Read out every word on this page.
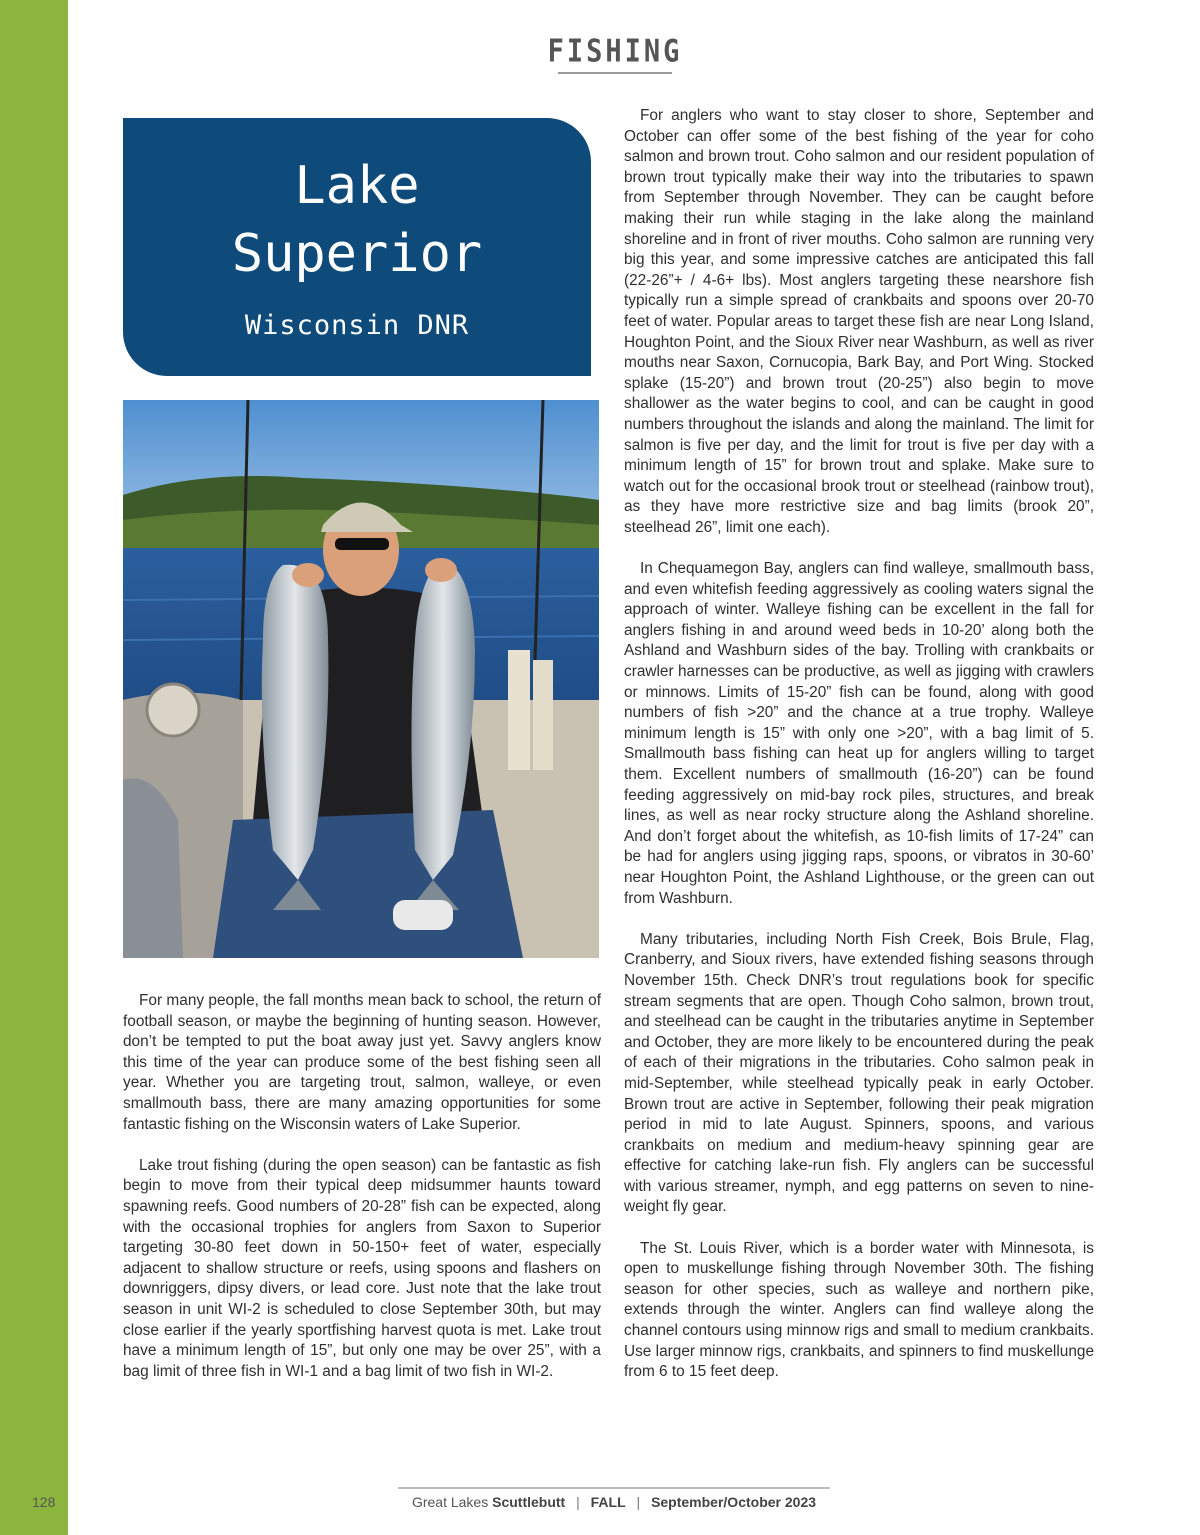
FISHING
Lake
Superior
Wisconsin DNR

For many people, the fall months mean back to school, the return of football season, or maybe the beginning of hunting season. However, don’t be tempted to put the boat away just yet. Savvy anglers know this time of the year can produce some of the best fishing seen all year. Whether you are targeting trout, salmon, walleye, or even smallmouth bass, there are many amazing opportunities for some fantastic fishing on the Wisconsin waters of Lake Superior.

Lake trout fishing (during the open season) can be fantastic as fish begin to move from their typical deep midsummer haunts toward spawning reefs. Good numbers of 20-28” fish can be expected, along with the occasional trophies for anglers from Saxon to Superior targeting 30-80 feet down in 50-150+ feet of water, especially adjacent to shallow structure or reefs, using spoons and flashers on downriggers, dipsy divers, or lead core. Just note that the lake trout season in unit WI-2 is scheduled to close September 30th, but may close earlier if the yearly sportfishing harvest quota is met. Lake trout have a minimum length of 15”, but only one may be over 25”, with a bag limit of three fish in WI-1 and a bag limit of two fish in WI-2.

For anglers who want to stay closer to shore, September and October can offer some of the best fishing of the year for coho salmon and brown trout. Coho salmon and our resident population of brown trout typically make their way into the tributaries to spawn from September through November. They can be caught before making their run while staging in the lake along the mainland shoreline and in front of river mouths. Coho salmon are running very big this year, and some impressive catches are anticipated this fall (22-26”+ / 4-6+ lbs). Most anglers targeting these nearshore fish typically run a simple spread of crankbaits and spoons over 20-70 feet of water. Popular areas to target these fish are near Long Island, Houghton Point, and the Sioux River near Washburn, as well as river mouths near Saxon, Cornucopia, Bark Bay, and Port Wing. Stocked splake (15-20”) and brown trout (20-25”) also begin to move shallower as the water begins to cool, and can be caught in good numbers throughout the islands and along the mainland. The limit for salmon is five per day, and the limit for trout is five per day with a minimum length of 15” for brown trout and splake. Make sure to watch out for the occasional brook trout or steelhead (rainbow trout), as they have more restrictive size and bag limits (brook 20”, steelhead 26”, limit one each).

In Chequamegon Bay, anglers can find walleye, smallmouth bass, and even whitefish feeding aggressively as cooling waters signal the approach of winter. Walleye fishing can be excellent in the fall for anglers fishing in and around weed beds in 10-20’ along both the Ashland and Washburn sides of the bay. Trolling with crankbaits or crawler harnesses can be productive, as well as jigging with crawlers or minnows. Limits of 15-20” fish can be found, along with good numbers of fish >20” and the chance at a true trophy. Walleye minimum length is 15” with only one >20”, with a bag limit of 5. Smallmouth bass fishing can heat up for anglers willing to target them. Excellent numbers of smallmouth (16-20”) can be found feeding aggressively on mid-bay rock piles, structures, and break lines, as well as near rocky structure along the Ashland shoreline. And don’t forget about the whitefish, as 10-fish limits of 17-24” can be had for anglers using jigging raps, spoons, or vibratos in 30-60’ near Houghton Point, the Ashland Lighthouse, or the green can out from Washburn.

Many tributaries, including North Fish Creek, Bois Brule, Flag, Cranberry, and Sioux rivers, have extended fishing seasons through November 15th. Check DNR’s trout regulations book for specific stream segments that are open. Though Coho salmon, brown trout, and steelhead can be caught in the tributaries anytime in September and October, they are more likely to be encountered during the peak of each of their migrations in the tributaries. Coho salmon peak in mid-September, while steelhead typically peak in early October. Brown trout are active in September, following their peak migration period in mid to late August. Spinners, spoons, and various crankbaits on medium and medium-heavy spinning gear are effective for catching lake-run fish. Fly anglers can be successful with various streamer, nymph, and egg patterns on seven to nine-weight fly gear.

The St. Louis River, which is a border water with Minnesota, is open to muskellunge fishing through November 30th. The fishing season for other species, such as walleye and northern pike, extends through the winter. Anglers can find walleye along the channel contours using minnow rigs and small to medium crankbaits. Use larger minnow rigs, crankbaits, and spinners to find muskellunge from 6 to 15 feet deep.

128	Great Lakes Scuttlebutt | FALL | September/October 2023
